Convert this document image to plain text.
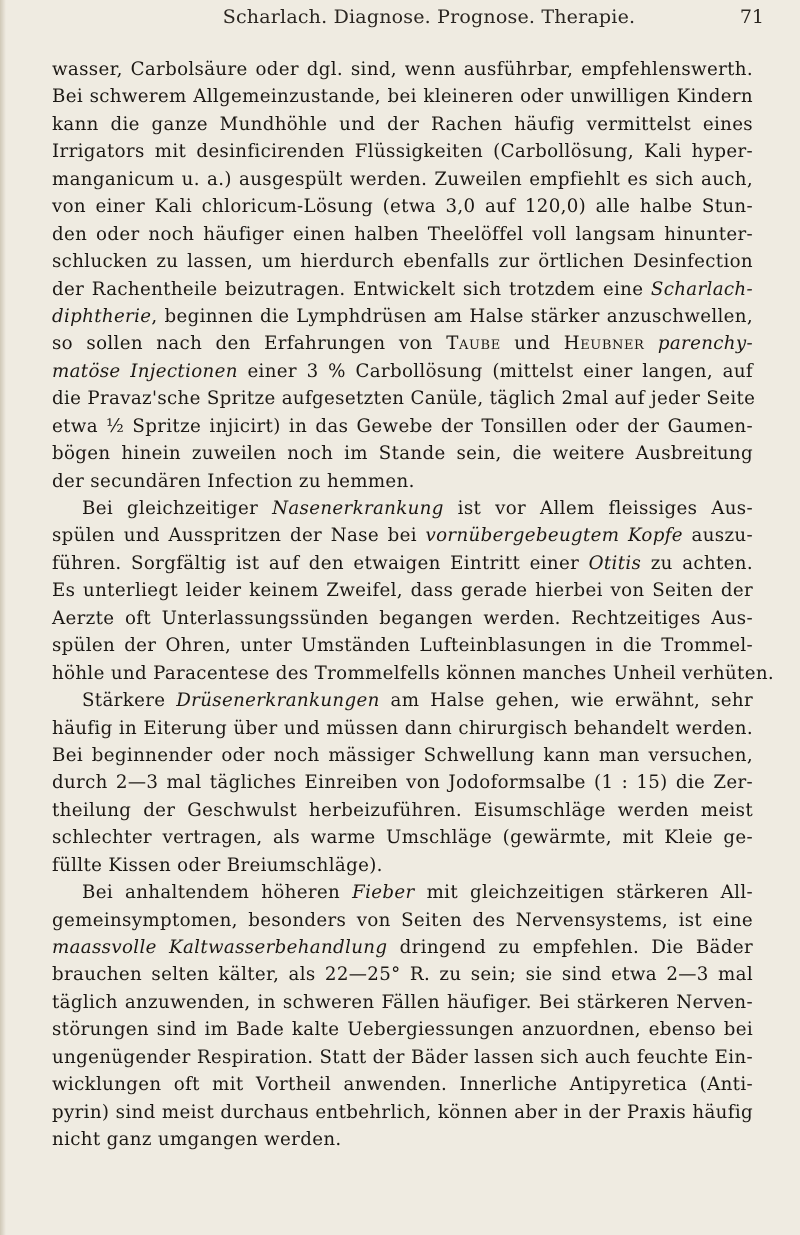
Scharlach. Diagnose. Prognose. Therapie.	71
wasser, Carbolsäure oder dgl. sind, wenn ausführbar, empfehlenswerth.
Bei schwerem Allgemeinzustande, bei kleineren oder unwilligen Kindern
kann die ganze Mundhöhle und der Rachen häufig vermittelst eines
Irrigators mit desinficirenden Flüssigkeiten (Carbollösung, Kali hyper-
manganicum u. a.) ausgespült werden. Zuweilen empfiehlt es sich auch,
von einer Kali chloricum-Lösung (etwa 3,0 auf 120,0) alle halbe Stun-
den oder noch häufiger einen halben Theelöffel voll langsam hinunter-
schlucken zu lassen, um hierdurch ebenfalls zur örtlichen Desinfection
der Rachentheile beizutragen. Entwickelt sich trotzdem eine Scharlach-
diphtherie, beginnen die Lymphdrüsen am Halse stärker anzuschwellen,
so sollen nach den Erfahrungen von Taube und Heubner parenchy-
matöse Injectionen einer 3 % Carbollösung (mittelst einer langen, auf
die Pravaz'sche Spritze aufgesetzten Canüle, täglich 2mal auf jeder Seite
etwa ½ Spritze injicirt) in das Gewebe der Tonsillen oder der Gaumen-
bögen hinein zuweilen noch im Stande sein, die weitere Ausbreitung
der secundären Infection zu hemmen.
Bei gleichzeitiger Nasenerkrankung ist vor Allem fleissiges Aus-
spülen und Ausspritzen der Nase bei vornübergebeugtem Kopfe auszu-
führen. Sorgfältig ist auf den etwaigen Eintritt einer Otitis zu achten.
Es unterliegt leider keinem Zweifel, dass gerade hierbei von Seiten der
Aerzte oft Unterlassungssünden begangen werden. Rechtzeitiges Aus-
spülen der Ohren, unter Umständen Lufteinblasungen in die Trommel-
höhle und Paracentese des Trommelfells können manches Unheil verhüten.
Stärkere Drüsenerkrankungen am Halse gehen, wie erwähnt, sehr
häufig in Eiterung über und müssen dann chirurgisch behandelt werden.
Bei beginnender oder noch mässiger Schwellung kann man versuchen,
durch 2—3 mal tägliches Einreiben von Jodoformsalbe (1 : 15) die Zer-
theilung der Geschwulst herbeizuführen. Eisumschläge werden meist
schlechter vertragen, als warme Umschläge (gewärmte, mit Kleie ge-
füllte Kissen oder Breiumschläge).
Bei anhaltendem höheren Fieber mit gleichzeitigen stärkeren All-
gemeinsymptomen, besonders von Seiten des Nervensystems, ist eine
maassvolle Kaltwasserbehandlung dringend zu empfehlen. Die Bäder
brauchen selten kälter, als 22—25° R. zu sein; sie sind etwa 2—3 mal
täglich anzuwenden, in schweren Fällen häufiger. Bei stärkeren Nerven-
störungen sind im Bade kalte Uebergiessungen anzuordnen, ebenso bei
ungenügender Respiration. Statt der Bäder lassen sich auch feuchte Ein-
wicklungen oft mit Vortheil anwenden. Innerliche Antipyretica (Anti-
pyrin) sind meist durchaus entbehrlich, können aber in der Praxis häufig
nicht ganz umgangen werden.
